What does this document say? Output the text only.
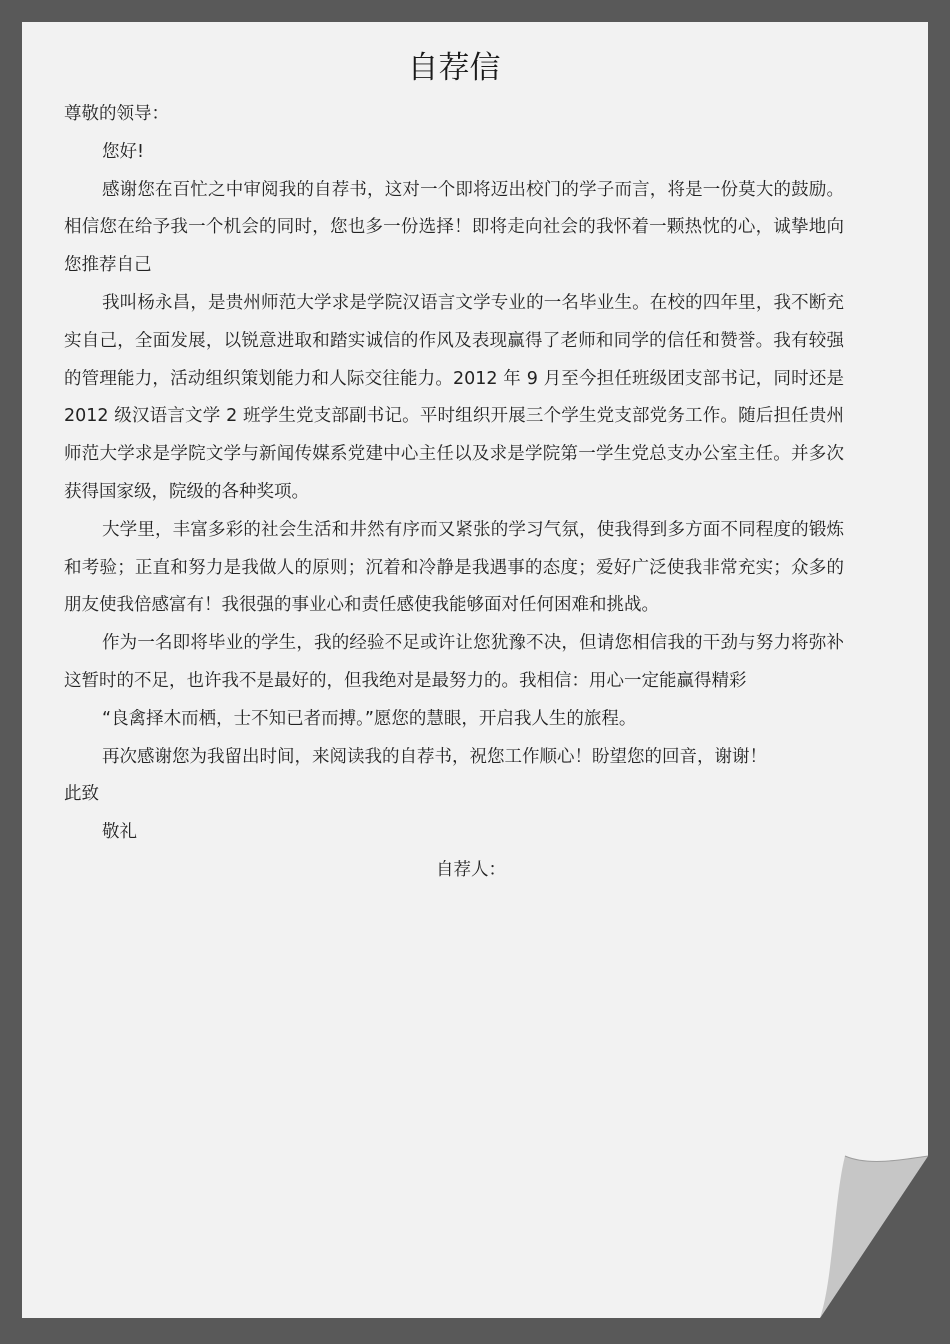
自荐信

尊敬的领导：

您好!

感谢您在百忙之中审阅我的自荐书，这对一个即将迈出校门的学子而言，将是一份莫大的鼓励。相信您在给予我一个机会的同时，您也多一份选择！即将走向社会的我怀着一颗热忱的心，诚挚地向您推荐自己

我叫杨永昌，是贵州师范大学求是学院汉语言文学专业的一名毕业生。在校的四年里，我不断充实自己，全面发展，以锐意进取和踏实诚信的作风及表现赢得了老师和同学的信任和赞誉。我有较强的管理能力，活动组织策划能力和人际交往能力。2012 年 9 月至今担任班级团支部书记，同时还是 2012 级汉语言文学 2 班学生党支部副书记。平时组织开展三个学生党支部党务工作。随后担任贵州师范大学求是学院文学与新闻传媒系党建中心主任以及求是学院第一学生党总支办公室主任。并多次获得国家级，院级的各种奖项。

大学里，丰富多彩的社会生活和井然有序而又紧张的学习气氛，使我得到多方面不同程度的锻炼和考验；正直和努力是我做人的原则；沉着和冷静是我遇事的态度；爱好广泛使我非常充实；众多的朋友使我倍感富有！我很强的事业心和责任感使我能够面对任何困难和挑战。

作为一名即将毕业的学生，我的经验不足或许让您犹豫不决，但请您相信我的干劲与努力将弥补这暂时的不足，也许我不是最好的，但我绝对是最努力的。我相信：用心一定能赢得精彩

“良禽择木而栖，士不知已者而搏。”愿您的慧眼，开启我人生的旅程。

再次感谢您为我留出时间，来阅读我的自荐书，祝您工作顺心！盼望您的回音，谢谢！

此致

敬礼

自荐人：
